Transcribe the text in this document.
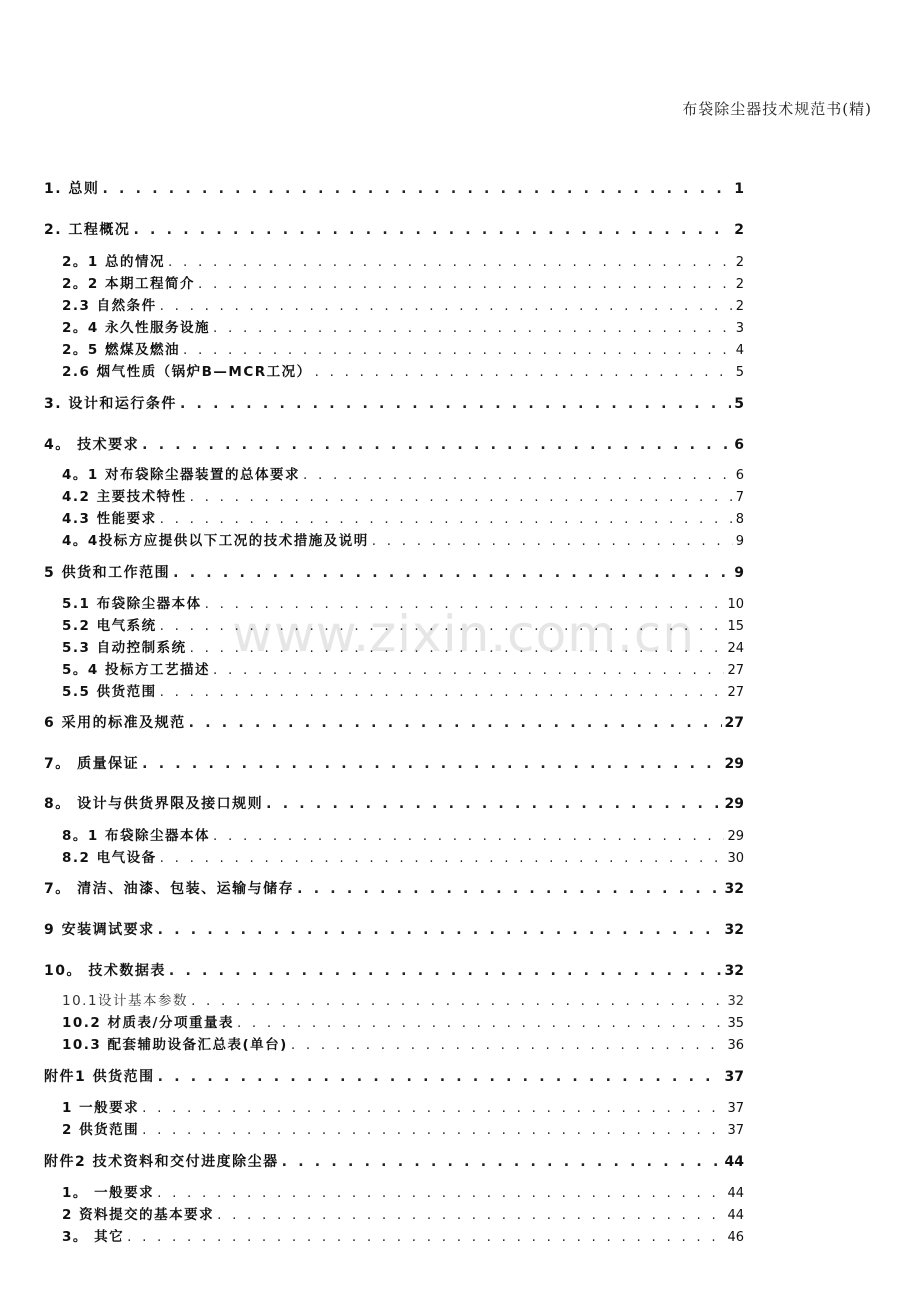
布袋除尘器技术规范书(精)
www.zixin.com.cn
1. 总则 . . .	1
2. 工程概况 . . .	2
2。1 总的情况 . . .	2
2。2 本期工程简介 . . .	2
2.3 自然条件 . . .	2
2。4 永久性服务设施 . . .	3
2。5 燃煤及燃油 . . .	4
2.6 烟气性质（锅炉B—MCR工况） . . .	5
3. 设计和运行条件 . . .	5
4。 技术要求 . . .	6
4。1 对布袋除尘器装置的总体要求 . . .	6
4.2 主要技术特性 . . .	7
4.3 性能要求 . . .	8
4。4投标方应提供以下工况的技术措施及说明 . . .	9
5 供货和工作范围 . . .	9
5.1 布袋除尘器本体 . . .	10
5.2 电气系统 . . .	15
5.3 自动控制系统 . . .	24
5。4 投标方工艺描述 . . .	27
5.5 供货范围 . . .	27
6 采用的标准及规范 . . .	27
7。 质量保证 . . .	29
8。 设计与供货界限及接口规则 . . .	29
8。1 布袋除尘器本体 . . .	29
8.2 电气设备 . . .	30
7。 清洁、油漆、包装、运输与储存 . . .	32
9 安装调试要求 . . .	32
10。 技术数据表 . . .	32
10.1设计基本参数 . . .	32
10.2 材质表/分项重量表 . . .	35
10.3 配套辅助设备汇总表(单台) . . .	36
附件1 供货范围 . . .	37
1 一般要求 . . .	37
2 供货范围 . . .	37
附件2 技术资料和交付进度除尘器 . . .	44
1。 一般要求 . . .	44
2 资料提交的基本要求 . . .	44
3。 其它 . . .	46
